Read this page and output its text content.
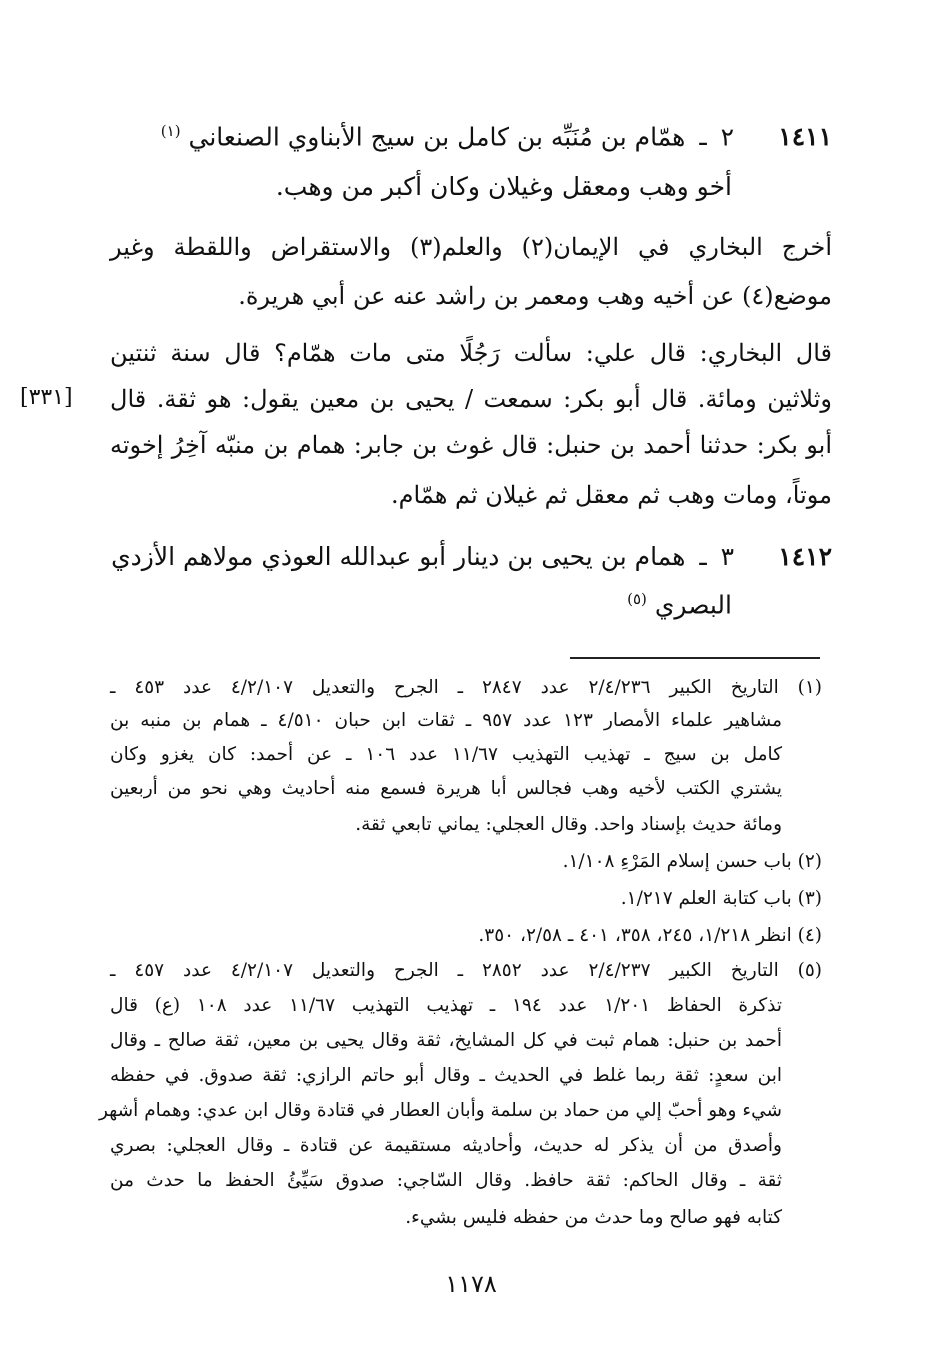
١٤١١ ٢ ـ همّام بن مُنَبِّه بن كامل بن سيج الأبناوي الصنعاني $^{(١)}$
أخو وهب ومعقل وغيلان وكان أكبر من وهب.
أخرج البخاري في الإيمان(٢) والعلم(٣) والاستقراض واللقطة وغير
موضع(٤) عن أخيه وهب ومعمر بن راشد عنه عن أبي هريرة.
قال البخاري: قال علي: سألت رَجُلًا متى مات همّام؟ قال سنة ثنتين
وثلاثين ومائة. قال أبو بكر: سمعت / يحيى بن معين يقول: هو ثقة. قال
[٣٣١]
أبو بكر: حدثنا أحمد بن حنبل: قال غوث بن جابر: همام بن منبّه آخِرُ إخوته
موتاً، ومات وهب ثم معقل ثم غيلان ثم همّام.
١٤١٢ ٣ ـ همام بن يحيى بن دينار أبو عبدالله العوذي مولاهم الأزدي
البصري $^{(٥)}$
(١) التاريخ الكبير ٢/٤/٢٣٦ عدد ٢٨٤٧ ـ الجرح والتعديل ٤/٢/١٠٧ عدد ٤٥٣ ـ
مشاهير علماء الأمصار ١٢٣ عدد ٩٥٧ ـ ثقات ابن حبان ٤/٥١٠ ـ همام بن منبه بن
كامل بن سيج ـ تهذيب التهذيب ١١/٦٧ عدد ١٠٦ ـ عن أحمد: كان يغزو وكان
يشتري الكتب لأخيه وهب فجالس أبا هريرة فسمع منه أحاديث وهي نحو من أربعين
ومائة حديث بإسناد واحد. وقال العجلي: يماني تابعي ثقة.
(٢) باب حسن إسلام المَرْءِ ١/١٠٨.
(٣) باب كتابة العلم ١/٢١٧.
(٤) انظر ١/٢١٨، ٢٤٥، ٣٥٨، ٤٠١ ـ ٢/٥٨، ٣٥٠.
(٥) التاريخ الكبير ٢/٤/٢٣٧ عدد ٢٨٥٢ ـ الجرح والتعديل ٤/٢/١٠٧ عدد ٤٥٧ ـ
تذكرة الحفاظ ١/٢٠١ عدد ١٩٤ ـ تهذيب التهذيب ١١/٦٧ عدد ١٠٨ (ع) قال
أحمد بن حنبل: همام ثبت في كل المشايخ، ثقة وقال يحيى بن معين، ثقة صالح ـ وقال
ابن سعدٍ: ثقة ربما غلط في الحديث ـ وقال أبو حاتم الرازي: ثقة صدوق. في حفظه
شيء وهو أحبّ إلي من حماد بن سلمة وأبان العطار في قتادة وقال ابن عدي: وهمام أشهر
وأصدق من أن يذكر له حديث، وأحاديثه مستقيمة عن قتادة ـ وقال العجلي: بصري
ثقة ـ وقال الحاكم: ثقة حافظ. وقال السّاجي: صدوق سَيِّئُ الحفظ ما حدث من
كتابه فهو صالح وما حدث من حفظه فليس بشيء.
١١٧٨
